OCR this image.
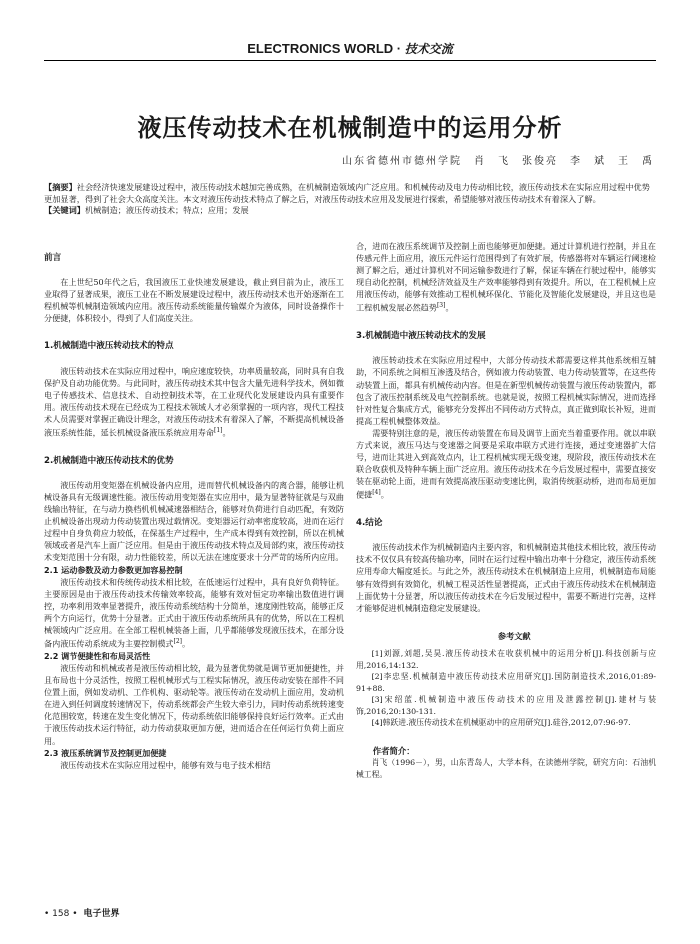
ELECTRONICS WORLD · 技术交流
液压传动技术在机械制造中的运用分析
山东省德州市德州学院　肖　飞　张俊亮　李　斌　王　禹
【摘要】社会经济快速发展建设过程中，液压传动技术越加完善成熟，在机械制造领域内广泛应用。和机械传动及电力传动相比较，液压传动技术在实际应用过程中优势更加显著，得到了社会大众高度关注。本文对液压传动技术特点了解之后，对液压传动技术应用及发展进行探索，希望能够对液压传动技术有着深入了解。
【关键词】机械制造；液压传动技术；特点；应用；发展
前言

在上世纪50年代之后，我国液压工业快速发展建设，截止到目前为止，液压工业取得了显著成果，液压工业在不断发展建设过程中，液压传动技术也开始逐渐在工程机械等机械制造领域内应用。液压传动系统能量传输媒介为液体，同时设备操作十分便捷，体积较小，得到了人们高度关注。

1.机械制造中液压转动技术的特点

液压转动技术在实际应用过程中，响应速度较快，功率质量较高，同时具有自我保护及自动功能优势。与此同时，液压传动技术其中包含大量先进科学技术，例如微电子传感技术、信息技术、自动控制技术等，在工业现代化发展建设内具有重要作用。液压传动技术现在已经成为工程技术领域人才必须掌握的一项内容，现代工程技术人员需要对掌握正确设计理念，对液压传动技术有着深入了解，不断提高机械设备液压系统性能，延长机械设备液压系统应用寿命[1]。

2.机械制造中液压传动技术的优势

液压传动用变矩器在机械设备内应用，进而替代机械设备内的离合器，能够让机械设备具有无级调速性能。液压传动用变矩器在实应用中，最为显著特征就是与双曲线输出特征，在与动力换档机机械减速器相结合，能够对负荷进行自动匹配，有效防止机械设备出现动力传动装置出现过载情况。变矩器运行动率密度较高，进而在运行过程中自身负荷应力较低，在保基生产过程中，生产成本得到有效控制，所以在机械领域或者是汽车上面广泛应用。但是由于液压传动技术特点及局部约束，液压传动技术变矩范围十分有限，动力性能较差，所以无法在速度要求十分严苛的场所内应用。

2.1 运动参数及动力参数更加容易控制

液压传动技术和传统传动技术相比较，在低速运行过程中，具有良好负荷特征。主要原因是由于液压传动技术传输效率较高，能够有效对恒定功率输出数值进行调控，功率利用效率显著提升，液压传动系统结构十分简单，速度刚性较高，能够正反两个方向运行，优势十分显著。正式由于液压传动系统所具有的优势，所以在工程机械领域内广泛应用。在全部工程机械装备上面，几乎都能够发现液压技术，在部分设备内液压传动系统成为主要控制模式[2]。

2.2 调节便捷性和布局灵活性

液压传动和机械或者是液压传动相比较，最为显著优势就是调节更加便捷性，并且布局也十分灵活性，按照工程机械形式与工程实际情况，液压传动安装在部件不同位置上面，例如发动机、工作机构、驱动轮等。液压传动在发动机上面应用，发动机在进入到任何调度转速情况下，传动系统都会产生较大牵引力，同时传动系统转速变化范围较宽，转速在发生变化情况下，传动系统依旧能够保持良好运行效率。正式由于液压传动技术运行特征，动力传动获取更加方便，进而适合在任何运行负荷上面应用。

2.3 液压系统调节及控制更加便捷

液压传动技术在实际应用过程中，能够有效与电子技术相结

合，进而在液压系统调节及控制上面也能够更加便捷。通过计算机进行控制，并且在传感元件上面应用，液压元件运行范围得到了有效扩展，传感器将对车辆运行阈速检测了解之后，通过计算机对不同运输参数进行了解，保证车辆在行驶过程中，能够实现自动化控制，机械经济效益及生产效率能够得到有效提升。所以，在工程机械上应用液压传动，能够有效推动工程机械环保化、节能化及智能化发展建设，并且这也是工程机械发展必然趋势[3]。

3.机械制造中液压转动技术的发展

液压转动技术在实际应用过程中，大部分传动技术都需要这样其他系统相互辅助，不同系统之间相互渗透及结合，例如液力传动装置、电力传动装置等，在这些传动装置上面，都具有机械传动内容。但是在新型机械传动装置与液压传动装置内，都包含了液压控制系统及电气控制系统。也就是说，按照工程机械实际情况，进而选择针对性复合集成方式，能够充分发挥出不同传动方式特点，真正做到取长补短，进而提高工程机械整体效益。

需要特别注意的是，液压传动装置在布局及调节上面充当着重要作用。就以串联方式来说，液压马达与变速器之间要是采取串联方式进行连接，通过变速器扩大信号，进而让其进入到高效点内，让工程机械实现无级变速，现阶段，液压传动技术在联合收获机及特种车辆上面广泛应用。液压传动技术在今后发展过程中，需要直接安装在驱动轮上面，进而有效提高液压驱动变速比例，取消传统驱动桥，进而布局更加便捷[4]。

4.结论

液压传动技术作为机械制造内主要内容，和机械制造其他技术相比较，液压传动技术不仅仅具有较高传输功率，同时在运行过程中输出功率十分稳定，液压传动系统应用寿命大幅度延长。与此之外，液压传动技术在机械制造上应用，机械制造布局能够有效得到有效简化，机械工程灵活性显著提高，正式由于液压传动技术在机械制造上面优势十分显著，所以液压传动技术在今后发展过程中，需要不断进行完善，这样才能够促进机械制造稳定发展建设。

参考文献

[1]刘源,刘超,吴昊.液压传动技术在收获机械中的运用分析[J].科技创新与应用,2016,14:132.

[2]李忠坚.机械制造中液压传动技术应用研究[J].国防制造技术,2016,01:89-91+88.

[3]宋绍蓝.机械制造中液压传动技术的应用及泄露控制[J].建材与装饰,2016,20:130-131.

[4]韩跃进.液压传动技术在机械驱动中的应用研究[J].硅谷,2012,07:96-97.

作者简介：

肖飞（1996－），男，山东青岛人，大学本科，在读德州学院，研究方向：石油机械工程。

• 158 • 电子世界
